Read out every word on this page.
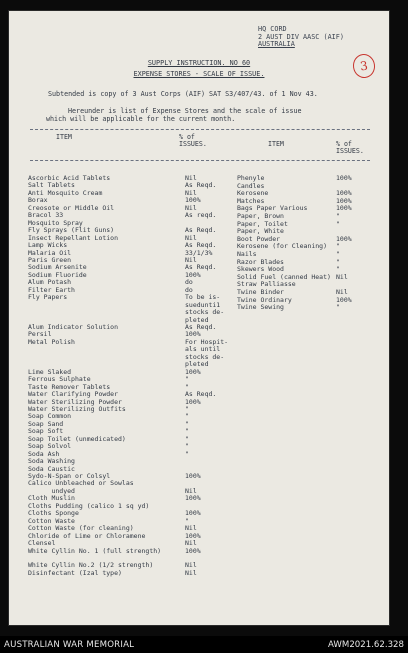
HQ CORD
2 AUST DIV AASC (AIF)
AUSTRALIA
3
SUPPLY INSTRUCTION. NO 60
EXPENSE STORES - SCALE OF ISSUE.
Subtended is copy of 3 Aust Corps (AIF) SAT S3/407/43. of 1 Nov 43.
Hereunder is list of Expense Stores and the scale of issue
which will be applicable for the current month.
ITEM	% of
ISSUES.	ITEM	% of
ISSUES.
Ascorbic Acid Tablets	Nil
Salt Tablets	As Reqd.
Anti Mosquito Cream	Nil
Borax	100%
Creosote or Middle Oil	Nil
Bracol 33	As reqd.
Mosquito Spray
Fly Sprays (Flit Guns)	As Reqd.
Insect Repellant Lotion	Nil
Lamp Wicks	As Reqd.
Malaria Oil	33/1/3%
Paris Green	Nil
Sodium Arsenite	As Reqd.
Sodium Fluoride	100%
Alum Potash	do
Filter Earth	do
Fly Papers	To be is-
suedunti1
stocks de-
pleted
Alum Indicator Solution	As Reqd.
Persil	100%
Metal Polish	For Hospit-
als until
stocks de-
pleted
Lime Slaked	100%
Ferrous Sulphate	"
Taste Remover Tablets	"
Water Clarifying Powder	As Reqd.
Water Sterilizing Powder	100%
Water Sterilizing Outfits	"
Soap Common	"
Soap Sand	"
Soap Soft	"
Soap Toilet (unmedicated)	"
Soap Solvol	"
Soda Ash	"
Soda Washing
Soda Caustic
Sydo-N-Span or Colsyl	100%
Calico Unbleached or Sowlas
undyed	Nil
Cloth Muslin	100%
Cloths Pudding (calico 1 sq yd)
Cloths Sponge	100%
Cotton Waste	"
Cotton Waste (for cleaning)	Nil
Chloride of Lime or Chloramene	100%
Clensel	Nil
White Cyllin No. 1 (full strength)	100%
White Cyllin No.2 (1/2 strength)	Nil
Disinfectant (Izal type)	Nil
Phenyle	100%
Candles
Kerosene	100%
Matches	100%
Bags Paper Various	100%
Paper, Brown	"
Paper, Toilet	"
Paper, White
Boot Powder	100%
Kerosene (for Cleaning)	"
Nails	"
Razor Blades	"
Skewers Wood	"
Solid Fuel (canned Heat) Nil
Straw Palliasse
Twine Binder	Nil
Twine Ordinary	100%
Twine Sewing	"
AUSTRALIAN WAR MEMORIAL	AWM2021.62.328
